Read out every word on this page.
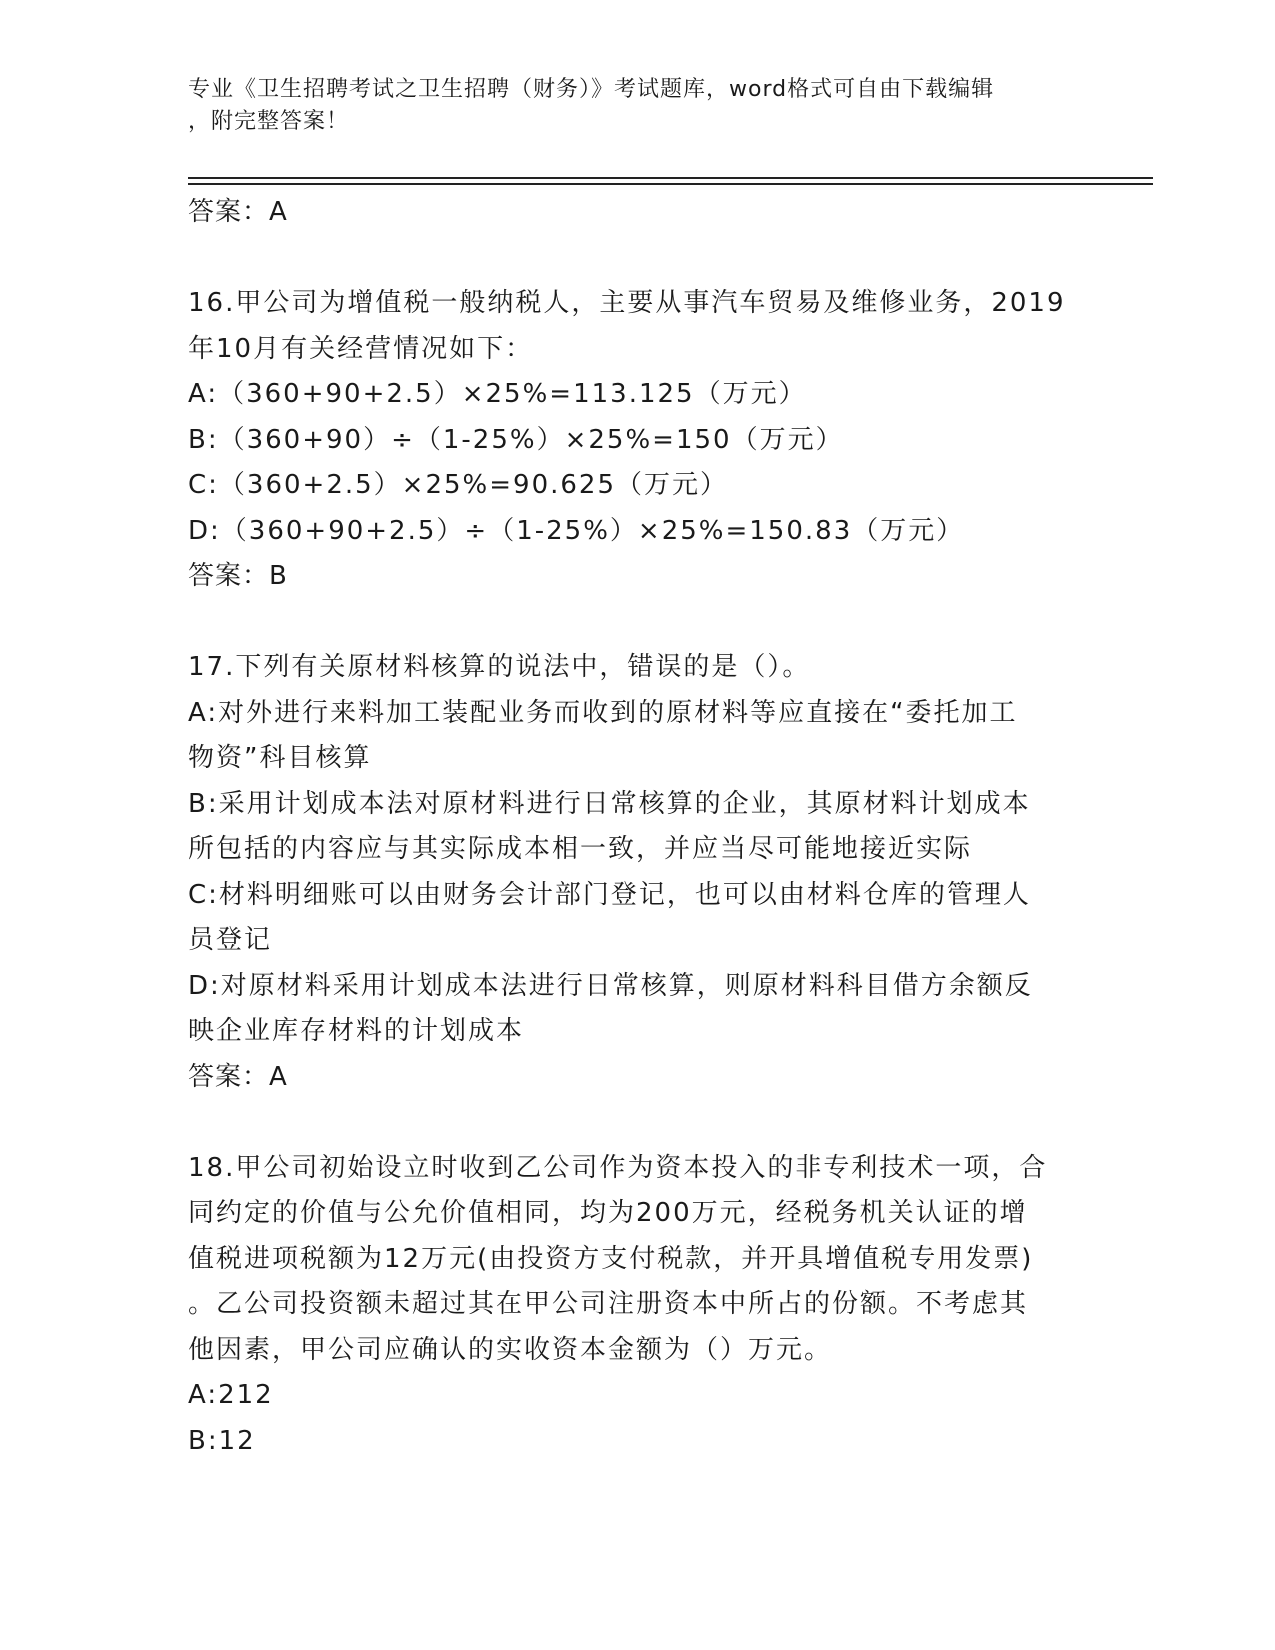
专业《卫生招聘考试之卫生招聘（财务）》考试题库，word格式可自由下载编辑
，附完整答案！
答案：A
16.甲公司为增值税一般纳税人，主要从事汽车贸易及维修业务，2019
年10月有关经营情况如下：
A:（360+90+2.5）×25%=113.125（万元）
B:（360+90）÷（1-25%）×25%=150（万元）
C:（360+2.5）×25%=90.625（万元）
D:（360+90+2.5）÷（1-25%）×25%=150.83（万元）
答案：B
17.下列有关原材料核算的说法中，错误的是（）。
A:对外进行来料加工装配业务而收到的原材料等应直接在“委托加工
物资”科目核算
B:采用计划成本法对原材料进行日常核算的企业，其原材料计划成本
所包括的内容应与其实际成本相一致，并应当尽可能地接近实际
C:材料明细账可以由财务会计部门登记，也可以由材料仓库的管理人
员登记
D:对原材料采用计划成本法进行日常核算，则原材料科目借方余额反
映企业库存材料的计划成本
答案：A
18.甲公司初始设立时收到乙公司作为资本投入的非专利技术一项，合
同约定的价值与公允价值相同，均为200万元，经税务机关认证的增
值税进项税额为12万元(由投资方支付税款，并开具增值税专用发票)
。乙公司投资额未超过其在甲公司注册资本中所占的份额。不考虑其
他因素，甲公司应确认的实收资本金额为（）万元。
A:212
B:12
